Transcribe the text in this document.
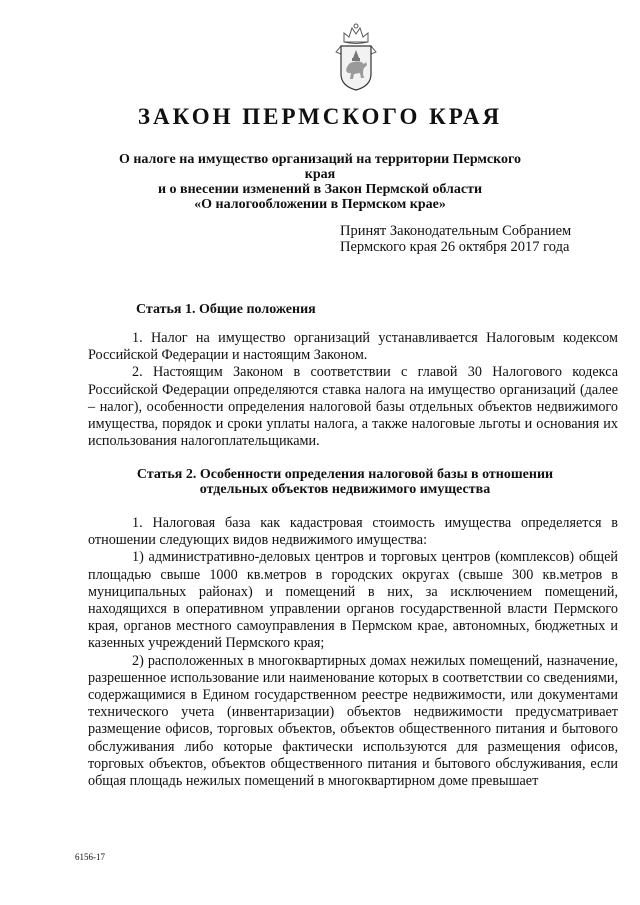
ЗАКОН ПЕРМСКОГО КРАЯ
О налоге на имущество организаций на территории Пермского края
и о внесении изменений в Закон Пермской области
«О налогообложении в Пермском крае»
Принят Законодательным Собранием
Пермского края 26 октября 2017 года
Статья 1. Общие положения

1. Налог на имущество организаций устанавливается Налоговым кодексом Российской Федерации и настоящим Законом.

2. Настоящим Законом в соответствии с главой 30 Налогового кодекса Российской Федерации определяются ставка налога на имущество организаций (далее – налог), особенности определения налоговой базы отдельных объектов недвижимого имущества, порядок и сроки уплаты налога, а также налоговые льготы и основания их использования налогоплательщиками.

Статья 2. Особенности определения налоговой базы в отношении
отдельных объектов недвижимого имущества

1. Налоговая база как кадастровая стоимость имущества определяется в отношении следующих видов недвижимого имущества:

1) административно-деловых центров и торговых центров (комплексов) общей площадью свыше 1000 кв.метров в городских округах (свыше 300 кв.метров в муниципальных районах) и помещений в них, за исключением помещений, находящихся в оперативном управлении органов государственной власти Пермского края, органов местного самоуправления в Пермском крае, автономных, бюджетных и казенных учреждений Пермского края;

2) расположенных в многоквартирных домах нежилых помещений, назначение, разрешенное использование или наименование которых в соответствии со сведениями, содержащимися в Едином государственном реестре недвижимости, или документами технического учета (инвентаризации) объектов недвижимости предусматривает размещение офисов, торговых объектов, объектов общественного питания и бытового обслуживания либо которые фактически используются для размещения офисов, торговых объектов, объектов общественного питания и бытового обслуживания, если общая площадь нежилых помещений в многоквартирном доме превышает

6156-17
